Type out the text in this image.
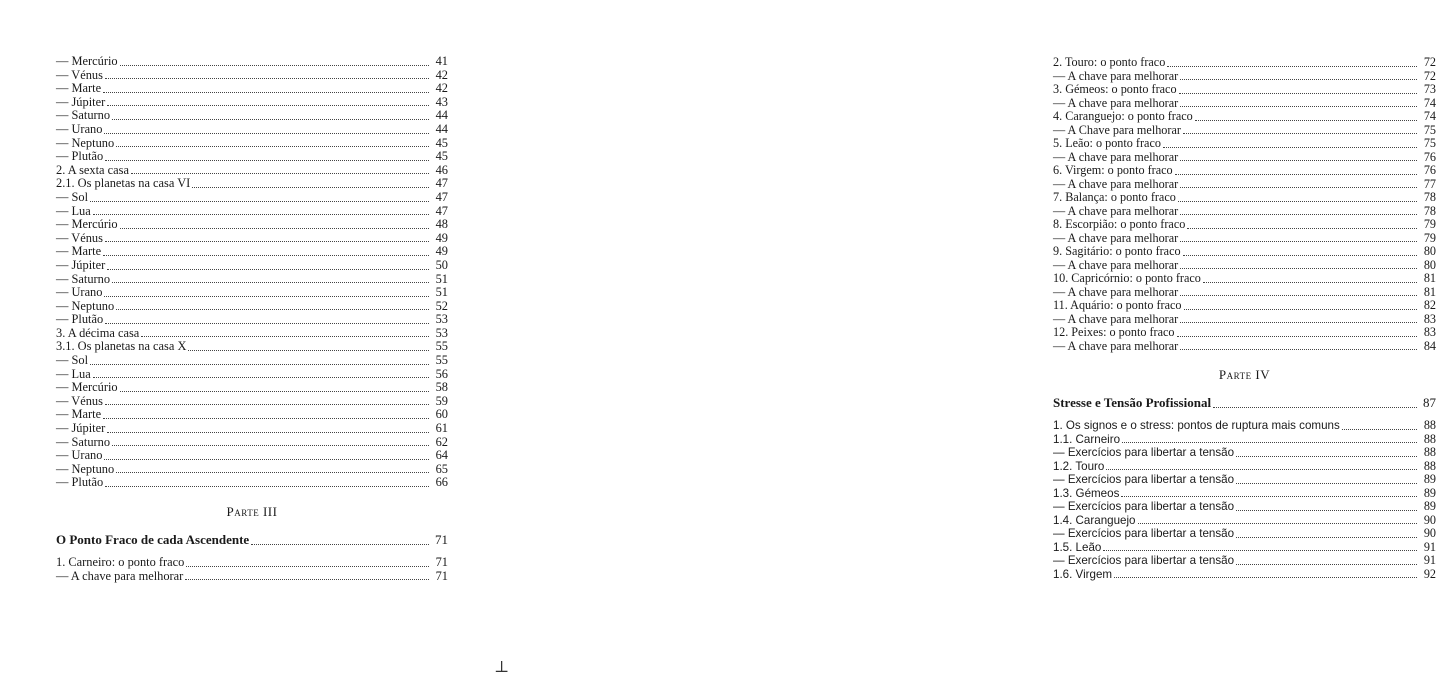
— Mercúrio	41
— Vénus	42
— Marte	42
— Júpiter	43
— Saturno	44
— Urano	44
— Neptuno	45
— Plutão	45
2. A sexta casa	46
2.1. Os planetas na casa VI	47
— Sol	47
— Lua	47
— Mercúrio	48
— Vénus	49
— Marte	49
— Júpiter	50
— Saturno	51
— Urano	51
— Neptuno	52
— Plutão	53
3. A décima casa	53
3.1. Os planetas na casa X	55
— Sol	55
— Lua	56
— Mercúrio	58
— Vénus	59
— Marte	60
— Júpiter	61
— Saturno	62
— Urano	64
— Neptuno	65
— Plutão	66
Parte III
O Ponto Fraco de cada Ascendente	71
1. Carneiro: o ponto fraco	71
— A chave para melhorar	71
⊥
2. Touro: o ponto fraco	72
— A chave para melhorar	72
3. Gémeos: o ponto fraco	73
— A chave para melhorar	74
4. Caranguejo: o ponto fraco	74
— A Chave para melhorar	75
5. Leão: o ponto fraco	75
— A chave para melhorar	76
6. Virgem: o ponto fraco	76
— A chave para melhorar	77
7. Balança: o ponto fraco	78
— A chave para melhorar	78
8. Escorpião: o ponto fraco	79
— A chave para melhorar	79
9. Sagitário: o ponto fraco	80
— A chave para melhorar	80
10. Capricórnio: o ponto fraco	81
— A chave para melhorar	81
11. Aquário: o ponto fraco	82
— A chave para melhorar	83
12. Peixes: o ponto fraco	83
— A chave para melhorar	84
Parte IV
Stresse e Tensão Profissional	87
1. Os signos e o stress: pontos de ruptura mais comuns	88
1.1. Carneiro	88
— Exercícios para libertar a tensão	88
1.2. Touro	88
— Exercícios para libertar a tensão	89
1.3. Gémeos	89
— Exercícios para libertar a tensão	89
1.4. Caranguejo	90
— Exercícios para libertar a tensão	90
1.5. Leão	91
— Exercícios para libertar a tensão	91
1.6. Virgem	92
